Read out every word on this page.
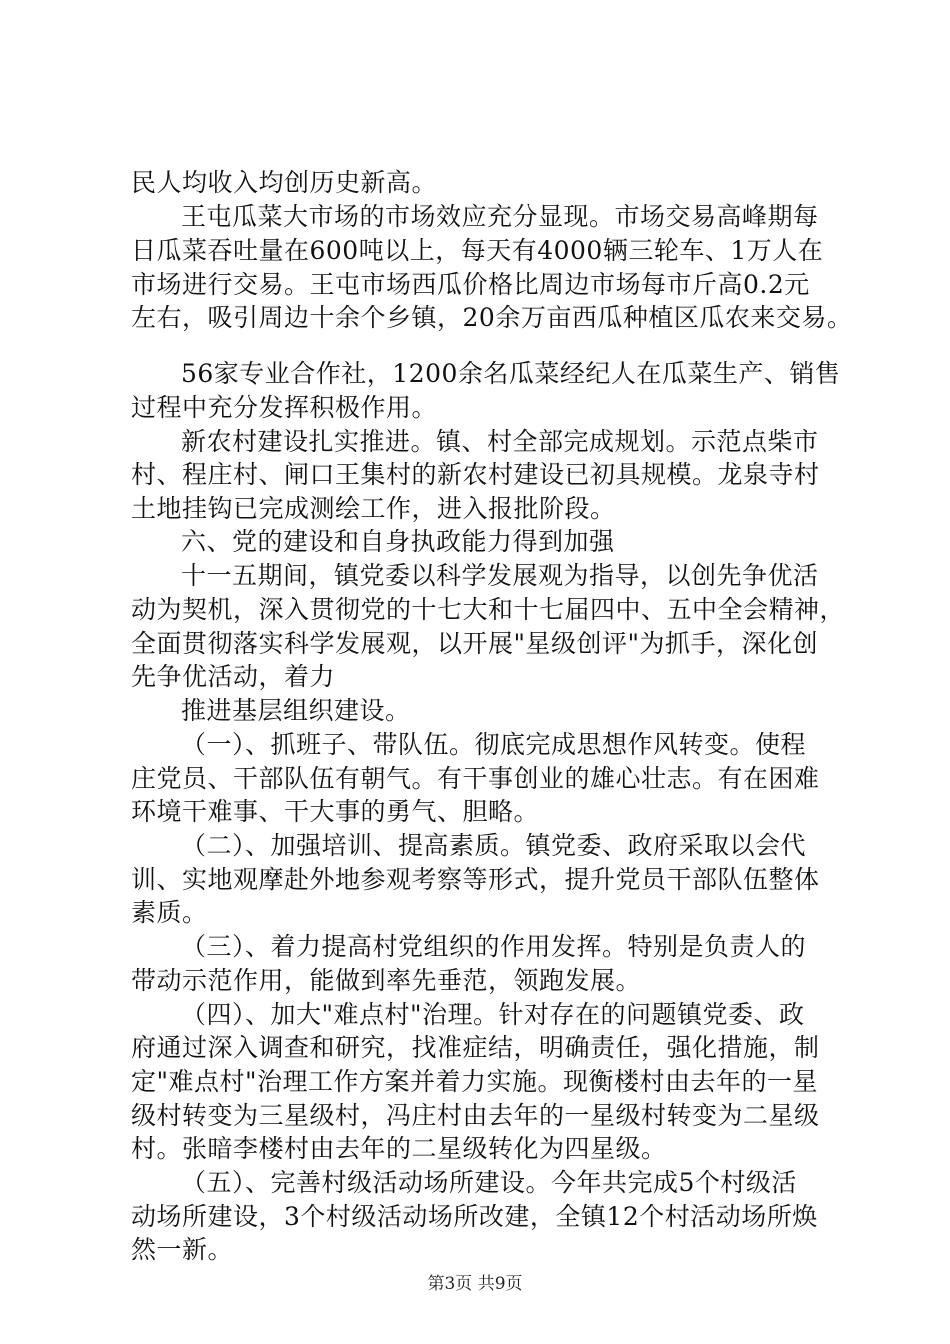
民人均收入均创历史新高。
王屯瓜菜大市场的市场效应充分显现。市场交易高峰期每
日瓜菜吞吐量在600吨以上，每天有4000辆三轮车、1万人在
市场进行交易。王屯市场西瓜价格比周边市场每市斤高0.2元
左右，吸引周边十余个乡镇，20余万亩西瓜种植区瓜农来交易。
56家专业合作社，1200余名瓜菜经纪人在瓜菜生产、销售
过程中充分发挥积极作用。
新农村建设扎实推进。镇、村全部完成规划。示范点柴市
村、程庄村、闸口王集村的新农村建设已初具规模。龙泉寺村
土地挂钩已完成测绘工作，进入报批阶段。
六、党的建设和自身执政能力得到加强
十一五期间，镇党委以科学发展观为指导，以创先争优活
动为契机，深入贯彻党的十七大和十七届四中、五中全会精神，
全面贯彻落实科学发展观，以开展"星级创评"为抓手，深化创
先争优活动，着力
推进基层组织建设。
（一）、抓班子、带队伍。彻底完成思想作风转变。使程
庄党员、干部队伍有朝气。有干事创业的雄心壮志。有在困难
环境干难事、干大事的勇气、胆略。
（二）、加强培训、提高素质。镇党委、政府采取以会代
训、实地观摩赴外地参观考察等形式，提升党员干部队伍整体
素质。
（三）、着力提高村党组织的作用发挥。特别是负责人的
带动示范作用，能做到率先垂范，领跑发展。
（四）、加大"难点村"治理。针对存在的问题镇党委、政
府通过深入调查和研究，找准症结，明确责任，强化措施，制
定"难点村"治理工作方案并着力实施。现衡楼村由去年的一星
级村转变为三星级村，冯庄村由去年的一星级村转变为二星级
村。张暗李楼村由去年的二星级转化为四星级。
（五）、完善村级活动场所建设。今年共完成5个村级活
动场所建设，3个村级活动场所改建，全镇12个村活动场所焕
然一新。
第3页 共9页
